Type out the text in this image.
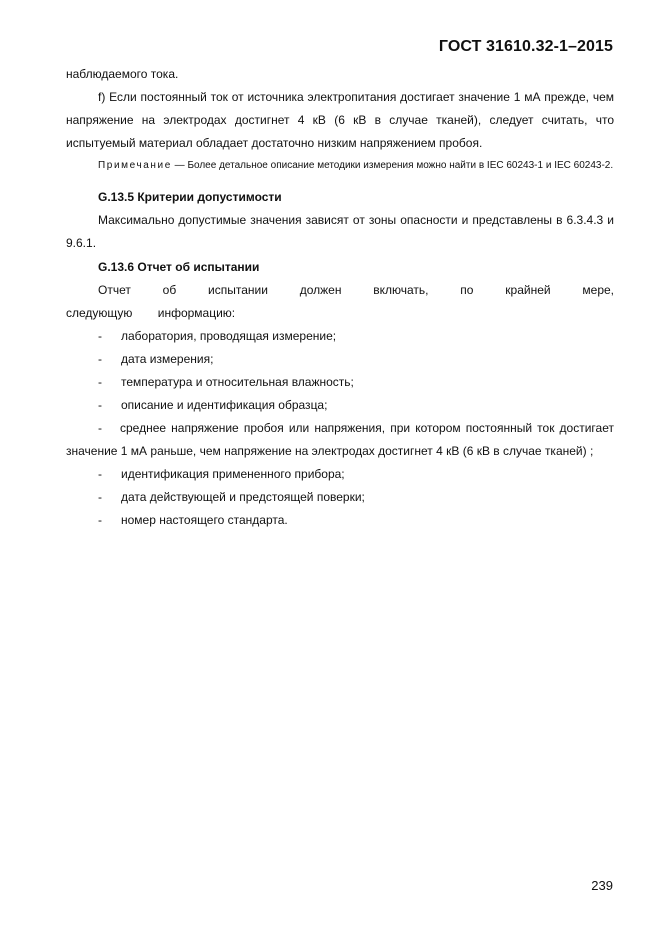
ГОСТ 31610.32-1–2015

наблюдаемого тока.

f) Если постоянный ток от источника электропитания достигает значение 1 мА прежде, чем напряжение на электродах достигнет 4 кВ (6 кВ в случае тканей), следует считать, что испытуемый материал обладает достаточно низким напряжением пробоя.

Примечание — Более детальное описание методики измерения можно найти в IEC 60243-1 и IEC 60243-2.

G.13.5 Критерии допустимости

Максимально допустимые значения зависят от зоны опасности и представлены в 6.3.4.3 и 9.6.1.

G.13.6 Отчет об испытании

Отчет об испытании должен включать, по крайней мере, следующую информацию:

-	лаборатория, проводящая измерение;
-	дата измерения;
-	температура и относительная влажность;
-	описание и идентификация образца;

- среднее напряжение пробоя или напряжения, при котором постоянный ток достигает значение 1 мА раньше, чем напряжение на электродах достигнет 4 кВ (6 кВ в случае тканей) ;

-	идентификация примененного прибора;
-	дата действующей и предстоящей поверки;
-	номер настоящего стандарта.
239
